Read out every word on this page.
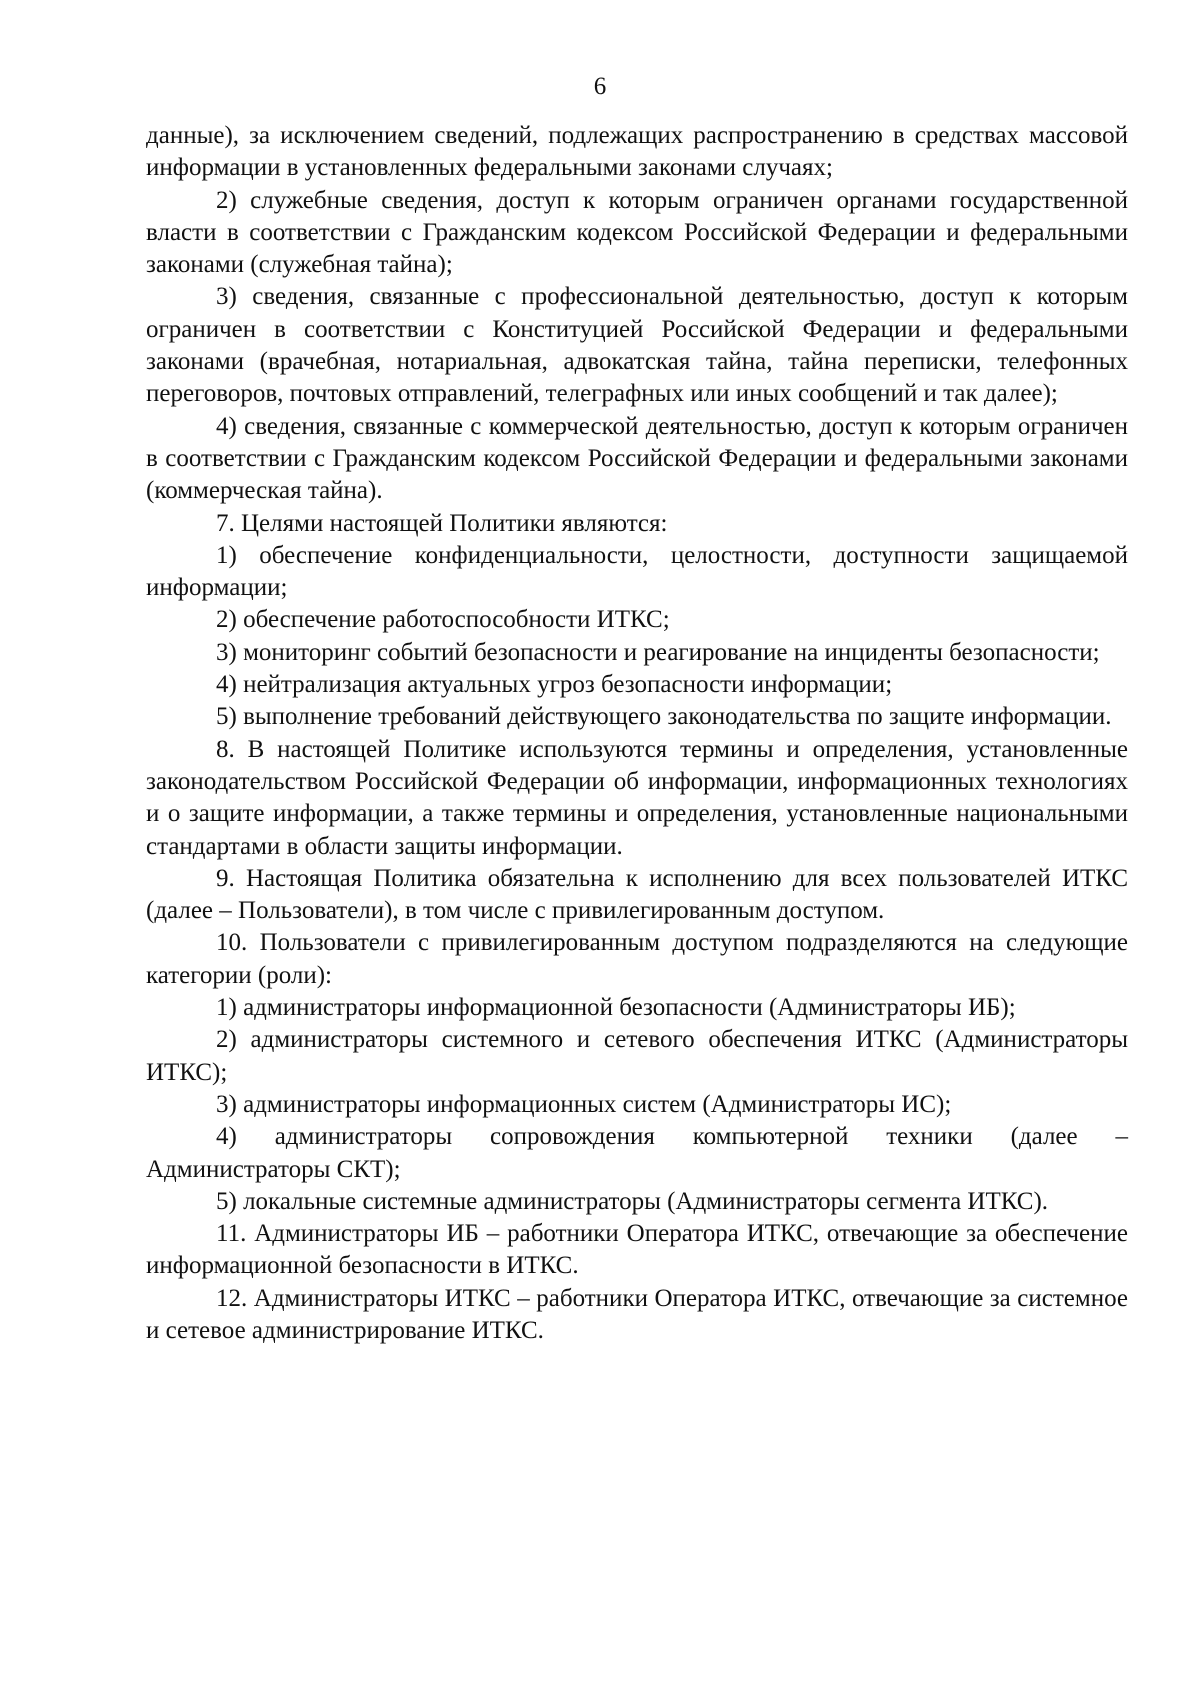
6

данные), за исключением сведений, подлежащих распространению в средствах массовой информации в установленных федеральными законами случаях;

2) служебные сведения, доступ к которым ограничен органами государственной власти в соответствии с Гражданским кодексом Российской Федерации и федеральными законами (служебная тайна);

3) сведения, связанные с профессиональной деятельностью, доступ к которым ограничен в соответствии с Конституцией Российской Федерации и федеральными законами (врачебная, нотариальная, адвокатская тайна, тайна переписки, телефонных переговоров, почтовых отправлений, телеграфных или иных сообщений и так далее);

4) сведения, связанные с коммерческой деятельностью, доступ к которым ограничен в соответствии с Гражданским кодексом Российской Федерации и федеральными законами (коммерческая тайна).

7. Целями настоящей Политики являются:

1) обеспечение конфиденциальности, целостности, доступности защищаемой информации;

2) обеспечение работоспособности ИТКС;

3) мониторинг событий безопасности и реагирование на инциденты безопасности;

4) нейтрализация актуальных угроз безопасности информации;

5) выполнение требований действующего законодательства по защите информации.

8. В настоящей Политике используются термины и определения, установленные законодательством Российской Федерации об информации, информационных технологиях и о защите информации, а также термины и определения, установленные национальными стандартами в области защиты информации.

9. Настоящая Политика обязательна к исполнению для всех пользователей ИТКС (далее – Пользователи), в том числе с привилегированным доступом.

10. Пользователи с привилегированным доступом подразделяются на следующие категории (роли):

1) администраторы информационной безопасности (Администраторы ИБ);

2) администраторы системного и сетевого обеспечения ИТКС (Администраторы ИТКС);

3) администраторы информационных систем (Администраторы ИС);

4) администраторы сопровождения компьютерной техники (далее – Администраторы СКТ);

5) локальные системные администраторы (Администраторы сегмента ИТКС).

11. Администраторы ИБ – работники Оператора ИТКС, отвечающие за обеспечение информационной безопасности в ИТКС.

12. Администраторы ИТКС – работники Оператора ИТКС, отвечающие за системное и сетевое администрирование ИТКС.
